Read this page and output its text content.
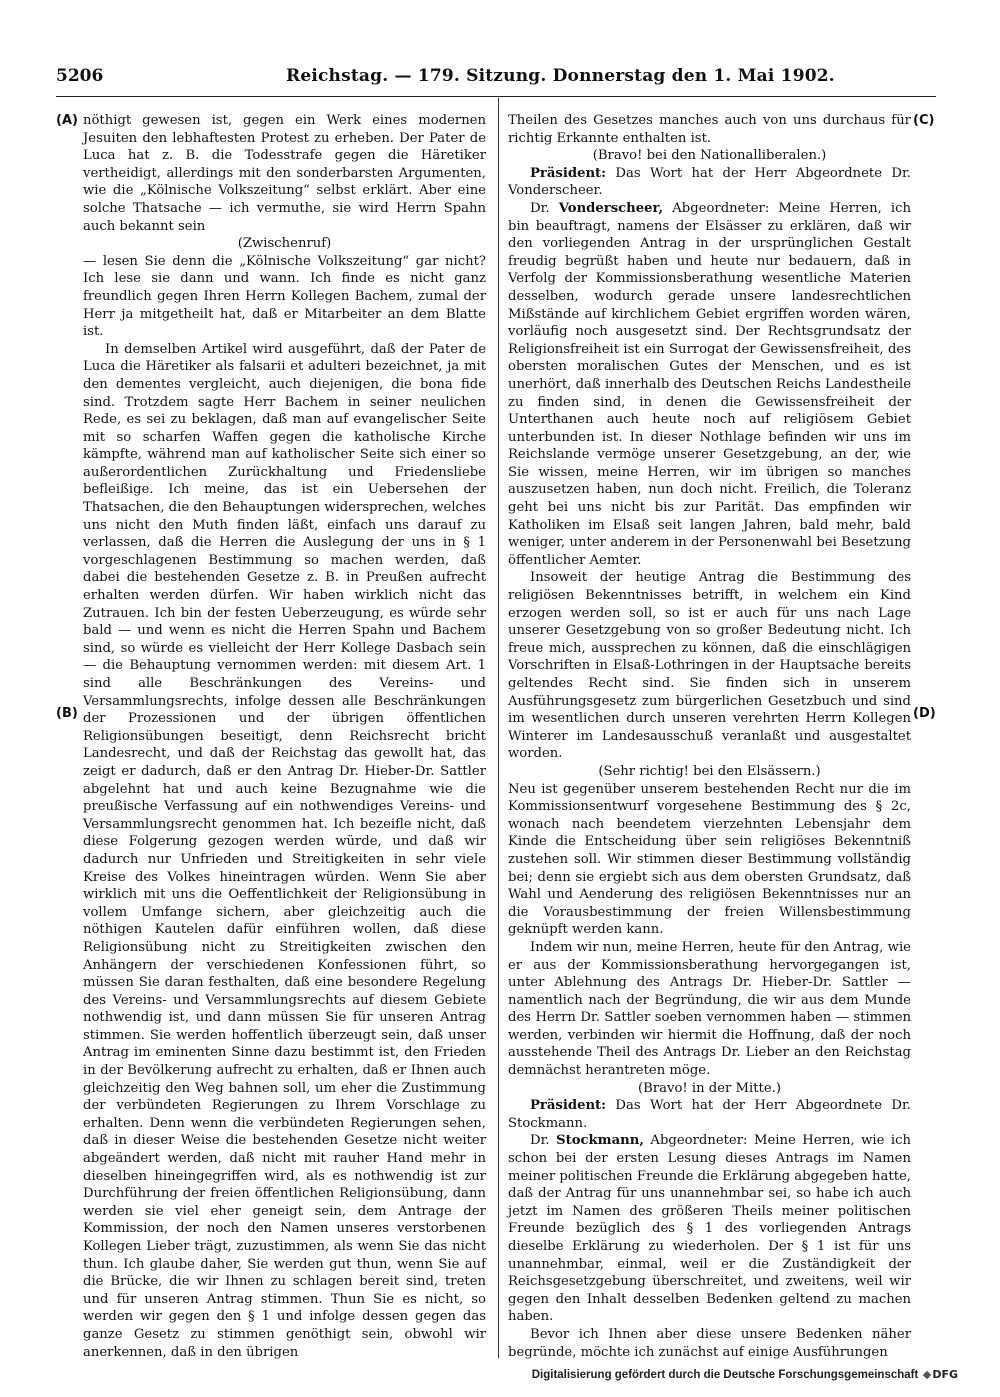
5206	Reichstag. — 179. Sitzung. Donnerstag den 1. Mai 1902.
(A)
(B)
(C)
(D)

nöthigt gewesen ist, gegen ein Werk eines modernen Jesuiten den lebhaftesten Protest zu erheben. Der Pater de Luca hat z. B. die Todesstrafe gegen die Häretiker vertheidigt, allerdings mit den sonderbarsten Argumenten, wie die „Kölnische Volkszeitung“ selbst erklärt. Aber eine solche Thatsache — ich vermuthe, sie wird Herrn Spahn auch bekannt sein

(Zwischenruf)

— lesen Sie denn die „Kölnische Volkszeitung“ gar nicht? Ich lese sie dann und wann. Ich finde es nicht ganz freundlich gegen Ihren Herrn Kollegen Bachem, zumal der Herr ja mitgetheilt hat, daß er Mitarbeiter an dem Blatte ist.

In demselben Artikel wird ausgeführt, daß der Pater de Luca die Häretiker als falsarii et adulteri bezeichnet, ja mit den dementes vergleicht, auch diejenigen, die bona fide sind. Trotzdem sagte Herr Bachem in seiner neulichen Rede, es sei zu beklagen, daß man auf evangelischer Seite mit so scharfen Waffen gegen die katholische Kirche kämpfte, während man auf katholischer Seite sich einer so außerordentlichen Zurückhaltung und Friedensliebe befleißige. Ich meine, das ist ein Uebersehen der Thatsachen, die den Behauptungen widersprechen, welches uns nicht den Muth finden läßt, einfach uns darauf zu verlassen, daß die Herren die Auslegung der uns in § 1 vorgeschlagenen Bestimmung so machen werden, daß dabei die bestehenden Gesetze z. B. in Preußen aufrecht erhalten werden dürfen. Wir haben wirklich nicht das Zutrauen. Ich bin der festen Ueberzeugung, es würde sehr bald — und wenn es nicht die Herren Spahn und Bachem sind, so würde es vielleicht der Herr Kollege Dasbach sein — die Behauptung vernommen werden: mit diesem Art. 1 sind alle Beschränkungen des Vereins- und Versammlungsrechts, infolge dessen alle Beschränkungen der Prozessionen und der übrigen öffentlichen Religionsübungen beseitigt, denn Reichsrecht bricht Landesrecht, und daß der Reichstag das gewollt hat, das zeigt er dadurch, daß er den Antrag Dr. Hieber-Dr. Sattler abgelehnt hat und auch keine Bezugnahme wie die preußische Verfassung auf ein nothwendiges Vereins- und Versammlungsrecht genommen hat. Ich bezeifle nicht, daß diese Folgerung gezogen werden würde, und daß wir dadurch nur Unfrieden und Streitigkeiten in sehr viele Kreise des Volkes hineintragen würden. Wenn Sie aber wirklich mit uns die Oeffentlichkeit der Religionsübung in vollem Umfange sichern, aber gleichzeitig auch die nöthigen Kautelen dafür einführen wollen, daß diese Religionsübung nicht zu Streitigkeiten zwischen den Anhängern der verschiedenen Konfessionen führt, so müssen Sie daran festhalten, daß eine besondere Regelung des Vereins- und Versammlungsrechts auf diesem Gebiete nothwendig ist, und dann müssen Sie für unseren Antrag stimmen. Sie werden hoffentlich überzeugt sein, daß unser Antrag im eminenten Sinne dazu bestimmt ist, den Frieden in der Bevölkerung aufrecht zu erhalten, daß er Ihnen auch gleichzeitig den Weg bahnen soll, um eher die Zustimmung der verbündeten Regierungen zu Ihrem Vorschlage zu erhalten. Denn wenn die verbündeten Regierungen sehen, daß in dieser Weise die bestehenden Gesetze nicht weiter abgeändert werden, daß nicht mit rauher Hand mehr in dieselben hineingegriffen wird, als es nothwendig ist zur Durchführung der freien öffentlichen Religionsübung, dann werden sie viel eher geneigt sein, dem Antrage der Kommission, der noch den Namen unseres verstorbenen Kollegen Lieber trägt, zuzustimmen, als wenn Sie das nicht thun. Ich glaube daher, Sie werden gut thun, wenn Sie auf die Brücke, die wir Ihnen zu schlagen bereit sind, treten und für unseren Antrag stimmen. Thun Sie es nicht, so werden wir gegen den § 1 und infolge dessen gegen das ganze Gesetz zu stimmen genöthigt sein, obwohl wir anerkennen, daß in den übrigen

Theilen des Gesetzes manches auch von uns durchaus für richtig Erkannte enthalten ist.

(Bravo! bei den Nationalliberalen.)

Präsident: Das Wort hat der Herr Abgeordnete Dr. Vonderscheer.

Dr. Vonderscheer, Abgeordneter: Meine Herren, ich bin beauftragt, namens der Elsässer zu erklären, daß wir den vorliegenden Antrag in der ursprünglichen Gestalt freudig begrüßt haben und heute nur bedauern, daß in Verfolg der Kommissionsberathung wesentliche Materien desselben, wodurch gerade unsere landesrechtlichen Mißstände auf kirchlichem Gebiet ergriffen worden wären, vorläufig noch ausgesetzt sind. Der Rechtsgrundsatz der Religionsfreiheit ist ein Surrogat der Gewissensfreiheit, des obersten moralischen Gutes der Menschen, und es ist unerhört, daß innerhalb des Deutschen Reichs Landestheile zu finden sind, in denen die Gewissensfreiheit der Unterthanen auch heute noch auf religiösem Gebiet unterbunden ist. In dieser Nothlage befinden wir uns im Reichslande vermöge unserer Gesetzgebung, an der, wie Sie wissen, meine Herren, wir im übrigen so manches auszusetzen haben, nun doch nicht. Freilich, die Toleranz geht bei uns nicht bis zur Parität. Das empfinden wir Katholiken im Elsaß seit langen Jahren, bald mehr, bald weniger, unter anderem in der Personenwahl bei Besetzung öffentlicher Aemter.

Insoweit der heutige Antrag die Bestimmung des religiösen Bekenntnisses betrifft, in welchem ein Kind erzogen werden soll, so ist er auch für uns nach Lage unserer Gesetzgebung von so großer Bedeutung nicht. Ich freue mich, aussprechen zu können, daß die einschlägigen Vorschriften in Elsaß-Lothringen in der Hauptsache bereits geltendes Recht sind. Sie finden sich in unserem Ausführungsgesetz zum bürgerlichen Gesetzbuch und sind im wesentlichen durch unseren verehrten Herrn Kollegen Winterer im Landesausschuß veranlaßt und ausgestaltet worden.

(Sehr richtig! bei den Elsässern.)

Neu ist gegenüber unserem bestehenden Recht nur die im Kommissionsentwurf vorgesehene Bestimmung des § 2c, wonach nach beendetem vierzehnten Lebensjahr dem Kinde die Entscheidung über sein religiöses Bekenntniß zustehen soll. Wir stimmen dieser Bestimmung vollständig bei; denn sie ergiebt sich aus dem obersten Grundsatz, daß Wahl und Aenderung des religiösen Bekenntnisses nur an die Vorausbestimmung der freien Willensbestimmung geknüpft werden kann.

Indem wir nun, meine Herren, heute für den Antrag, wie er aus der Kommissionsberathung hervorgegangen ist, unter Ablehnung des Antrags Dr. Hieber-Dr. Sattler — namentlich nach der Begründung, die wir aus dem Munde des Herrn Dr. Sattler soeben vernommen haben — stimmen werden, verbinden wir hiermit die Hoffnung, daß der noch ausstehende Theil des Antrags Dr. Lieber an den Reichstag demnächst herantreten möge.

(Bravo! in der Mitte.)

Präsident: Das Wort hat der Herr Abgeordnete Dr. Stockmann.

Dr. Stockmann, Abgeordneter: Meine Herren, wie ich schon bei der ersten Lesung dieses Antrags im Namen meiner politischen Freunde die Erklärung abgegeben hatte, daß der Antrag für uns unannehmbar sei, so habe ich auch jetzt im Namen des größeren Theils meiner politischen Freunde bezüglich des § 1 des vorliegenden Antrags dieselbe Erklärung zu wiederholen. Der § 1 ist für uns unannehmbar, einmal, weil er die Zuständigkeit der Reichsgesetzgebung überschreitet, und zweitens, weil wir gegen den Inhalt desselben Bedenken geltend zu machen haben.

Bevor ich Ihnen aber diese unsere Bedenken näher begründe, möchte ich zunächst auf einige Ausführungen

Digitalisierung gefördert durch die Deutsche Forschungsgemeinschaft DFG
